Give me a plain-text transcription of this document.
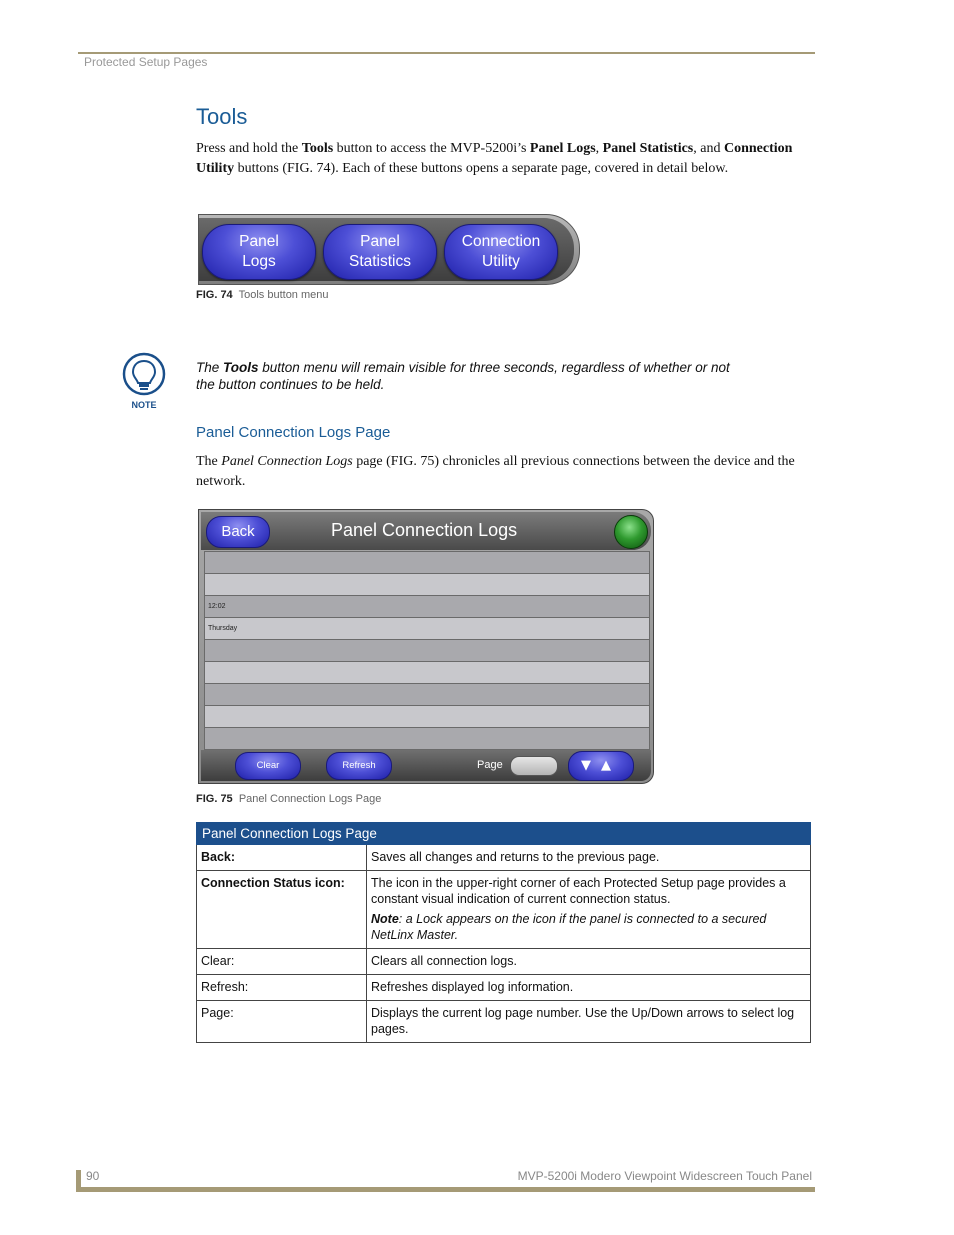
Protected Setup Pages
Tools
Press and hold the Tools button to access the MVP-5200i’s Panel Logs, Panel Statistics, and Connection Utility buttons (FIG. 74). Each of these buttons opens a separate page, covered in detail below.
Panel
Logs
Panel
Statistics
Connection
Utility
FIG. 74 Tools button menu
NOTE
The Tools button menu will remain visible for three seconds, regardless of whether or not the button continues to be held.
Panel Connection Logs Page
The Panel Connection Logs page (FIG. 75) chronicles all previous connections between the device and the network.
Back	Panel Connection Logs
12:02
Thursday
Clear	Refresh	Page	▼▲
FIG. 75 Panel Connection Logs Page
Panel Connection Logs Page	
Back:	Saves all changes and returns to the previous page.
Connection Status icon:	The icon in the upper-right corner of each Protected Setup page provides a constant visual indication of current connection status.

Note: a Lock appears on the icon if the panel is connected to a secured NetLinx Master.

Clear:	Clears all connection logs.
Refresh:	Refreshes displayed log information.
Page:	Displays the current log page number. Use the Up/Down arrows to select log pages.
90	MVP-5200i Modero Viewpoint Widescreen Touch Panel
